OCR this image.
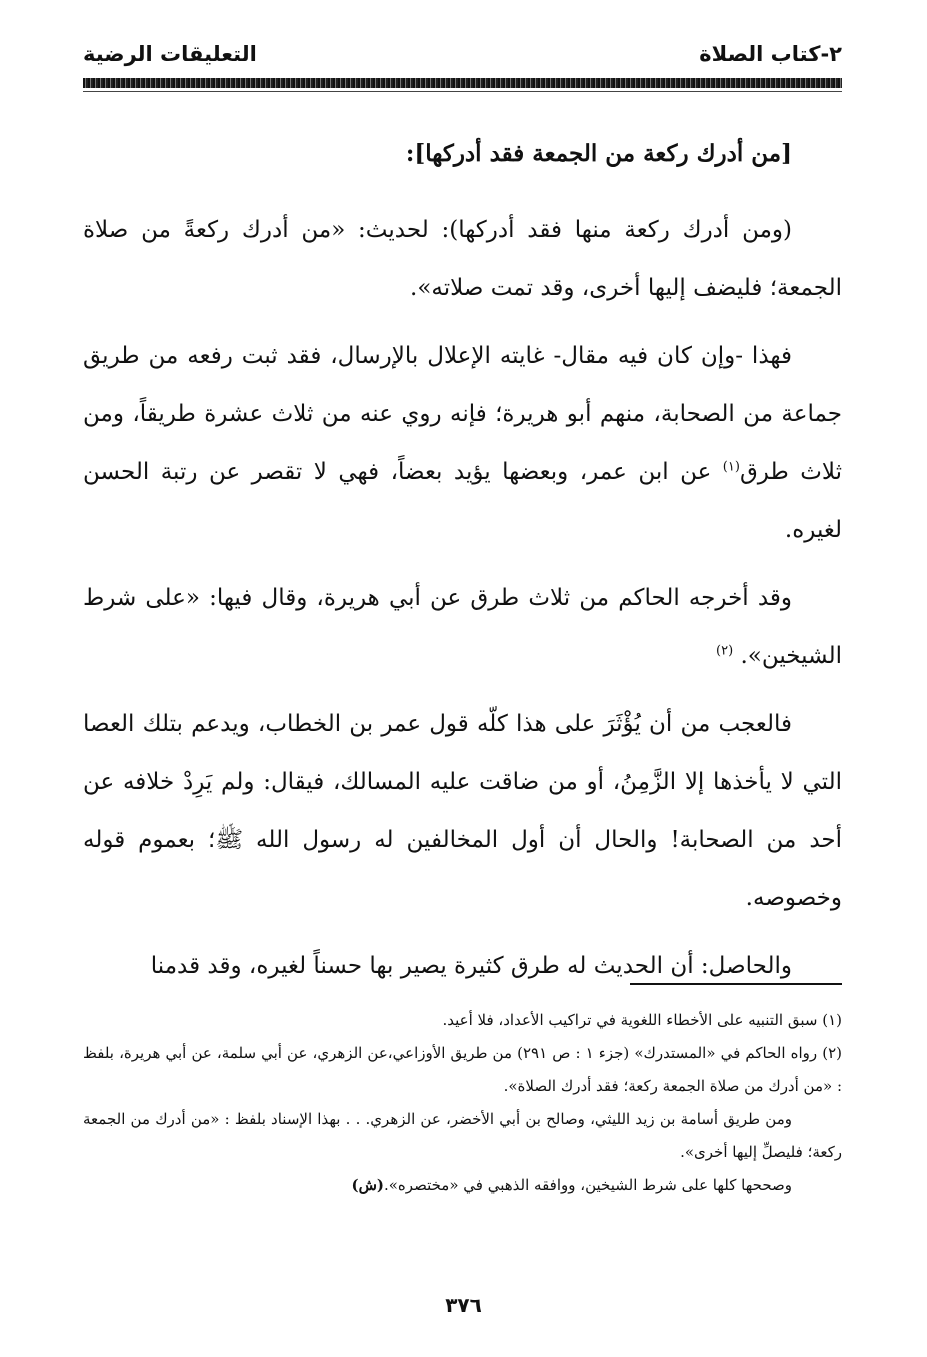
٢-كتاب الصلاة
التعليقات الرضية

[من أدرك ركعة من الجمعة فقد أدركها]:

(ومن أدرك ركعة منها فقد أدركها): لحديث: «من أدرك ركعةً من صلاة الجمعة؛ فليضف إليها أخرى، وقد تمت صلاته».

فهذا -وإن كان فيه مقال- غايته الإعلال بالإرسال، فقد ثبت رفعه من طريق جماعة من الصحابة، منهم أبو هريرة؛ فإنه روي عنه من ثلاث عشرة طريقاً، ومن ثلاث طرق$^{(١)}$ عن ابن عمر، وبعضها يؤيد بعضاً، فهي لا تقصر عن رتبة الحسن لغيره.

وقد أخرجه الحاكم من ثلاث طرق عن أبي هريرة، وقال فيها: «على شرط الشيخين». $^{(٢)}$

فالعجب من أن يُؤْثَرَ على هذا كلّه قول عمر بن الخطاب، ويدعم بتلك العصا التي لا يأخذها إلا الزَّمِنُ، أو من ضاقت عليه المسالك، فيقال: ولم يَرِدْ خلافه عن أحد من الصحابة! والحال أن أول المخالفين له رسول الله ﷺ؛ بعموم قوله وخصوصه.

والحاصل: أن الحديث له طرق كثيرة يصير بها حسناً لغيره، وقد قدمنا

(١) سبق التنبيه على الأخطاء اللغوية في تراكيب الأعداد، فلا أعيد.

(٢) رواه الحاكم في «المستدرك» (جزء ١ : ص ٢٩١) من طريق الأوزاعي،عن الزهري، عن أبي سلمة، عن أبي هريرة، بلفظ : «من أدرك من صلاة الجمعة ركعة؛ فقد أدرك الصلاة».

ومن طريق أسامة بن زيد الليثي، وصالح بن أبي الأخضر، عن الزهري. . . بهذا الإسناد بلفظ : «من أدرك من الجمعة ركعة؛ فليصلِّ إليها أخرى».

وصححها كلها على شرط الشيخين، ووافقه الذهبي في «مختصره».(ش)

٣٧٦
